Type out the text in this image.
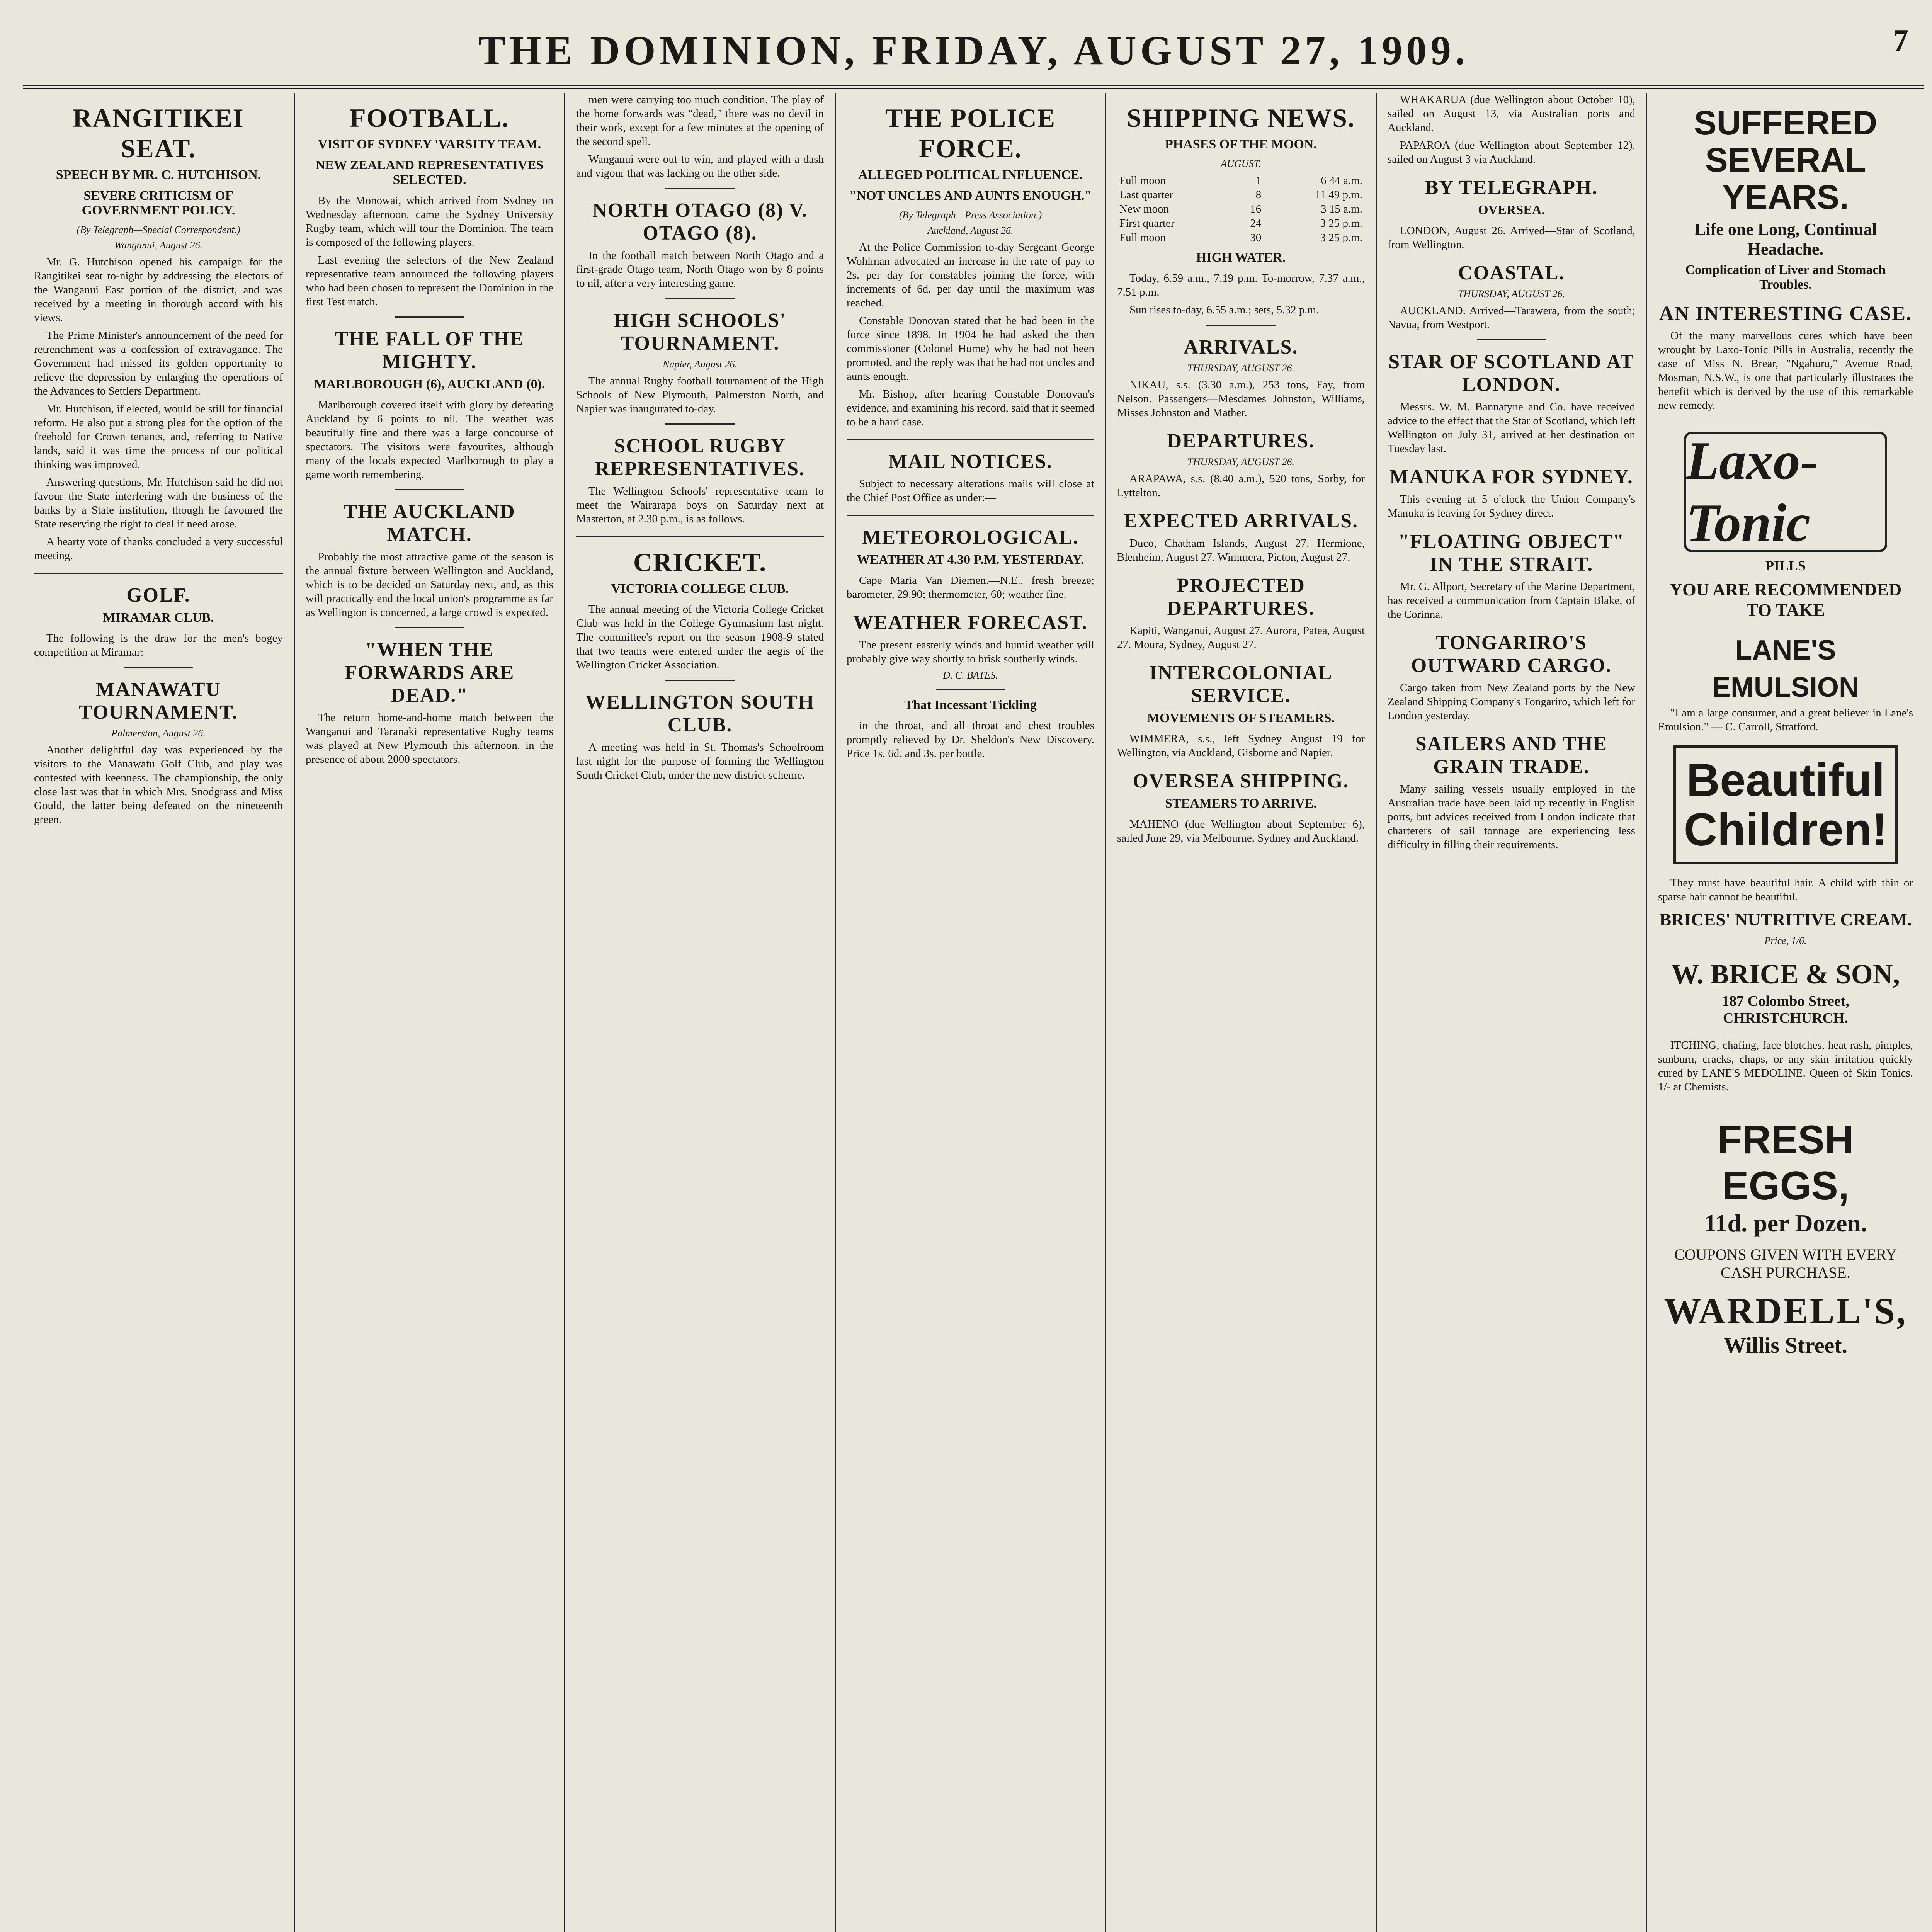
THE DOMINION, FRIDAY, AUGUST 27, 1909.	7
RANGITIKEI SEAT.
SPEECH BY MR. C. HUTCHISON.
SEVERE CRITICISM OF GOVERNMENT POLICY.
(By Telegraph—Special Correspondent.)
Wanganui, August 26.

Mr. G. Hutchison opened his campaign for the Rangitikei seat to-night by addressing the electors of the Wanganui East portion of the district, and was received by a meeting in thorough accord with his views.

The Prime Minister's announcement of the need for retrenchment was a confession of extravagance. The Government had missed its golden opportunity to relieve the depression by enlarging the operations of the Advances to Settlers Department.

Mr. Hutchison, if elected, would be still for financial reform. He also put a strong plea for the option of the freehold for Crown tenants, and, referring to Native lands, said it was time the process of our political thinking was improved.

Answering questions, Mr. Hutchison said he did not favour the State interfering with the business of the banks by a State institution, though he favoured the State reserving the right to deal if need arose.

A hearty vote of thanks concluded a very successful meeting.

GOLF.
MIRAMAR CLUB.

The following is the draw for the men's bogey competition at Miramar:—

MANAWATU TOURNAMENT.
Palmerston, August 26.

Another delightful day was experienced by the visitors to the Manawatu Golf Club, and play was contested with keenness. The championship, the only close last was that in which Mrs. Snodgrass and Miss Gould, the latter being defeated on the nineteenth green.

FOOTBALL.
VISIT OF SYDNEY 'VARSITY TEAM.
NEW ZEALAND REPRESENTATIVES SELECTED.

By the Monowai, which arrived from Sydney on Wednesday afternoon, came the Sydney University Rugby team, which will tour the Dominion. The team is composed of the following players.

Last evening the selectors of the New Zealand representative team announced the following players who had been chosen to represent the Dominion in the first Test match.

THE FALL OF THE MIGHTY.
MARLBOROUGH (6), AUCKLAND (0).

Marlborough covered itself with glory by defeating Auckland by 6 points to nil. The weather was beautifully fine and there was a large concourse of spectators. The visitors were favourites, although many of the locals expected Marlborough to play a game worth remembering.

THE AUCKLAND MATCH.

Probably the most attractive game of the season is the annual fixture between Wellington and Auckland, which is to be decided on Saturday next, and, as this will practically end the local union's programme as far as Wellington is concerned, a large crowd is expected.

"WHEN THE FORWARDS ARE DEAD."

The return home-and-home match between the Wanganui and Taranaki representative Rugby teams was played at New Plymouth this afternoon, in the presence of about 2000 spectators.

men were carrying too much condition. The play of the home forwards was "dead," there was no devil in their work, except for a few minutes at the opening of the second spell.

Wanganui were out to win, and played with a dash and vigour that was lacking on the other side.

NORTH OTAGO (8) V. OTAGO (8).

In the football match between North Otago and a first-grade Otago team, North Otago won by 8 points to nil, after a very interesting game.

HIGH SCHOOLS' TOURNAMENT.
Napier, August 26.

The annual Rugby football tournament of the High Schools of New Plymouth, Palmerston North, and Napier was inaugurated to-day.

SCHOOL RUGBY REPRESENTATIVES.

The Wellington Schools' representative team to meet the Wairarapa boys on Saturday next at Masterton, at 2.30 p.m., is as follows.

CRICKET.
VICTORIA COLLEGE CLUB.

The annual meeting of the Victoria College Cricket Club was held in the College Gymnasium last night. The committee's report on the season 1908-9 stated that two teams were entered under the aegis of the Wellington Cricket Association.

WELLINGTON SOUTH CLUB.

A meeting was held in St. Thomas's Schoolroom last night for the purpose of forming the Wellington South Cricket Club, under the new district scheme.

THE POLICE FORCE.
ALLEGED POLITICAL INFLUENCE.
"NOT UNCLES AND AUNTS ENOUGH."
(By Telegraph—Press Association.)
Auckland, August 26.

At the Police Commission to-day Sergeant George Wohlman advocated an increase in the rate of pay to 2s. per day for constables joining the force, with increments of 6d. per day until the maximum was reached.

Constable Donovan stated that he had been in the force since 1898. In 1904 he had asked the then commissioner (Colonel Hume) why he had not been promoted, and the reply was that he had not uncles and aunts enough.

Mr. Bishop, after hearing Constable Donovan's evidence, and examining his record, said that it seemed to be a hard case.

MAIL NOTICES.

Subject to necessary alterations mails will close at the Chief Post Office as under:—

METEOROLOGICAL.
WEATHER AT 4.30 P.M. YESTERDAY.

Cape Maria Van Diemen.—N.E., fresh breeze; barometer, 29.90; thermometer, 60; weather fine.

WEATHER FORECAST.

The present easterly winds and humid weather will probably give way shortly to brisk southerly winds.

D. C. BATES.
That Incessant Tickling

in the throat, and all throat and chest troubles promptly relieved by Dr. Sheldon's New Discovery. Price 1s. 6d. and 3s. per bottle.

SHIPPING NEWS.
PHASES OF THE MOON.
AUGUST.
Full moon	1	6 44 a.m.
Last quarter	8	11 49 p.m.
New moon	16	3 15 a.m.
First quarter	24	3 25 p.m.
Full moon	30	3 25 p.m.
HIGH WATER.

Today, 6.59 a.m., 7.19 p.m. To-morrow, 7.37 a.m., 7.51 p.m.

Sun rises to-day, 6.55 a.m.; sets, 5.32 p.m.

ARRIVALS.
THURSDAY, AUGUST 26.

NIKAU, s.s. (3.30 a.m.), 253 tons, Fay, from Nelson. Passengers—Mesdames Johnston, Williams, Misses Johnston and Mather.

DEPARTURES.
THURSDAY, AUGUST 26.

ARAPAWA, s.s. (8.40 a.m.), 520 tons, Sorby, for Lyttelton.

EXPECTED ARRIVALS.

Duco, Chatham Islands, August 27. Hermione, Blenheim, August 27. Wimmera, Picton, August 27.

PROJECTED DEPARTURES.

Kapiti, Wanganui, August 27. Aurora, Patea, August 27. Moura, Sydney, August 27.

INTERCOLONIAL SERVICE.
MOVEMENTS OF STEAMERS.

WIMMERA, s.s., left Sydney August 19 for Wellington, via Auckland, Gisborne and Napier.

OVERSEA SHIPPING.
STEAMERS TO ARRIVE.

MAHENO (due Wellington about September 6), sailed June 29, via Melbourne, Sydney and Auckland.

WHAKARUA (due Wellington about October 10), sailed on August 13, via Australian ports and Auckland.

PAPAROA (due Wellington about September 12), sailed on August 3 via Auckland.

BY TELEGRAPH.
OVERSEA.

LONDON, August 26. Arrived—Star of Scotland, from Wellington.

COASTAL.
THURSDAY, AUGUST 26.

AUCKLAND. Arrived—Tarawera, from the south; Navua, from Westport.

STAR OF SCOTLAND AT LONDON.

Messrs. W. M. Bannatyne and Co. have received advice to the effect that the Star of Scotland, which left Wellington on July 31, arrived at her destination on Tuesday last.

MANUKA FOR SYDNEY.

This evening at 5 o'clock the Union Company's Manuka is leaving for Sydney direct.

"FLOATING OBJECT" IN THE STRAIT.

Mr. G. Allport, Secretary of the Marine Department, has received a communication from Captain Blake, of the Corinna.

TONGARIRO'S OUTWARD CARGO.

Cargo taken from New Zealand ports by the New Zealand Shipping Company's Tongariro, which left for London yesterday.

SAILERS AND THE GRAIN TRADE.

Many sailing vessels usually employed in the Australian trade have been laid up recently in English ports, but advices received from London indicate that charterers of sail tonnage are experiencing less difficulty in filling their requirements.

SUFFERED SEVERAL YEARS.
Life one Long, Continual Headache.
Complication of Liver and Stomach Troubles.
AN INTERESTING CASE.

Of the many marvellous cures which have been wrought by Laxo-Tonic Pills in Australia, recently the case of Miss N. Brear, "Ngahuru," Avenue Road, Mosman, N.S.W., is one that particularly illustrates the benefit which is derived by the use of this remarkable new remedy.

Laxo-Tonic
PILLS
YOU ARE RECOMMENDED TO TAKE
LANE'S EMULSION

"I am a large consumer, and a great believer in Lane's Emulsion." — C. Carroll, Stratford.

Beautiful Children!

They must have beautiful hair. A child with thin or sparse hair cannot be beautiful.

BRICES' NUTRITIVE CREAM.
Price, 1/6.
W. BRICE & SON,
187 Colombo Street, CHRISTCHURCH.

ITCHING, chafing, face blotches, heat rash, pimples, sunburn, cracks, chaps, or any skin irritation quickly cured by LANE'S MEDOLINE. Queen of Skin Tonics. 1/- at Chemists.

FRESH EGGS,
11d. per Dozen.
COUPONS GIVEN WITH EVERY CASH PURCHASE.
WARDELL'S,
Willis Street.
